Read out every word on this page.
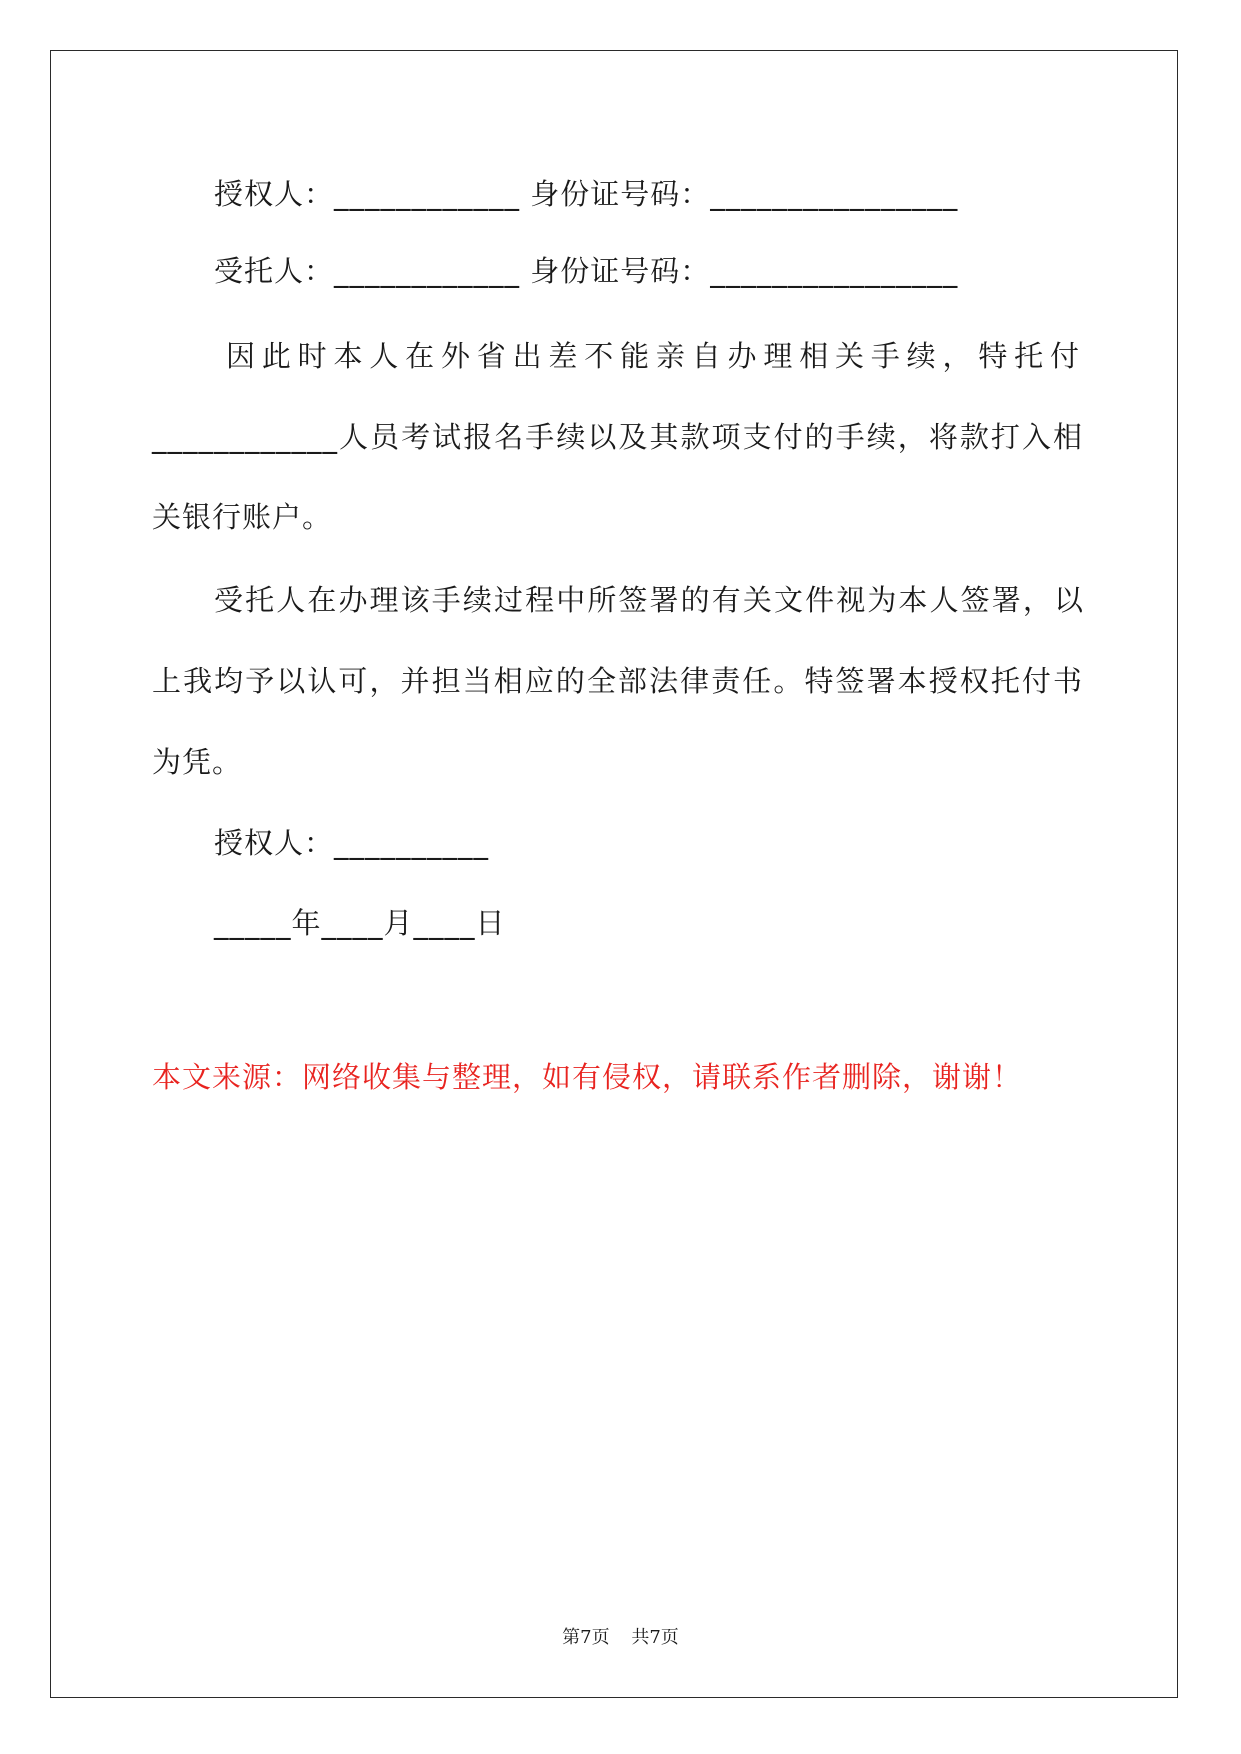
授权人：____________ 身份证号码：________________
受托人：____________ 身份证号码：________________
因此时本人在外省出差不能亲自办理相关手续，特托付
____________人员考试报名手续以及其款项支付的手续，将款打入相
关银行账户。
受托人在办理该手续过程中所签署的有关文件视为本人签署，以
上我均予以认可，并担当相应的全部法律责任。特签署本授权托付书
为凭。
授权人：__________
_____年____月____日
本文来源：网络收集与整理，如有侵权，请联系作者删除，谢谢！
第7页 共7页
